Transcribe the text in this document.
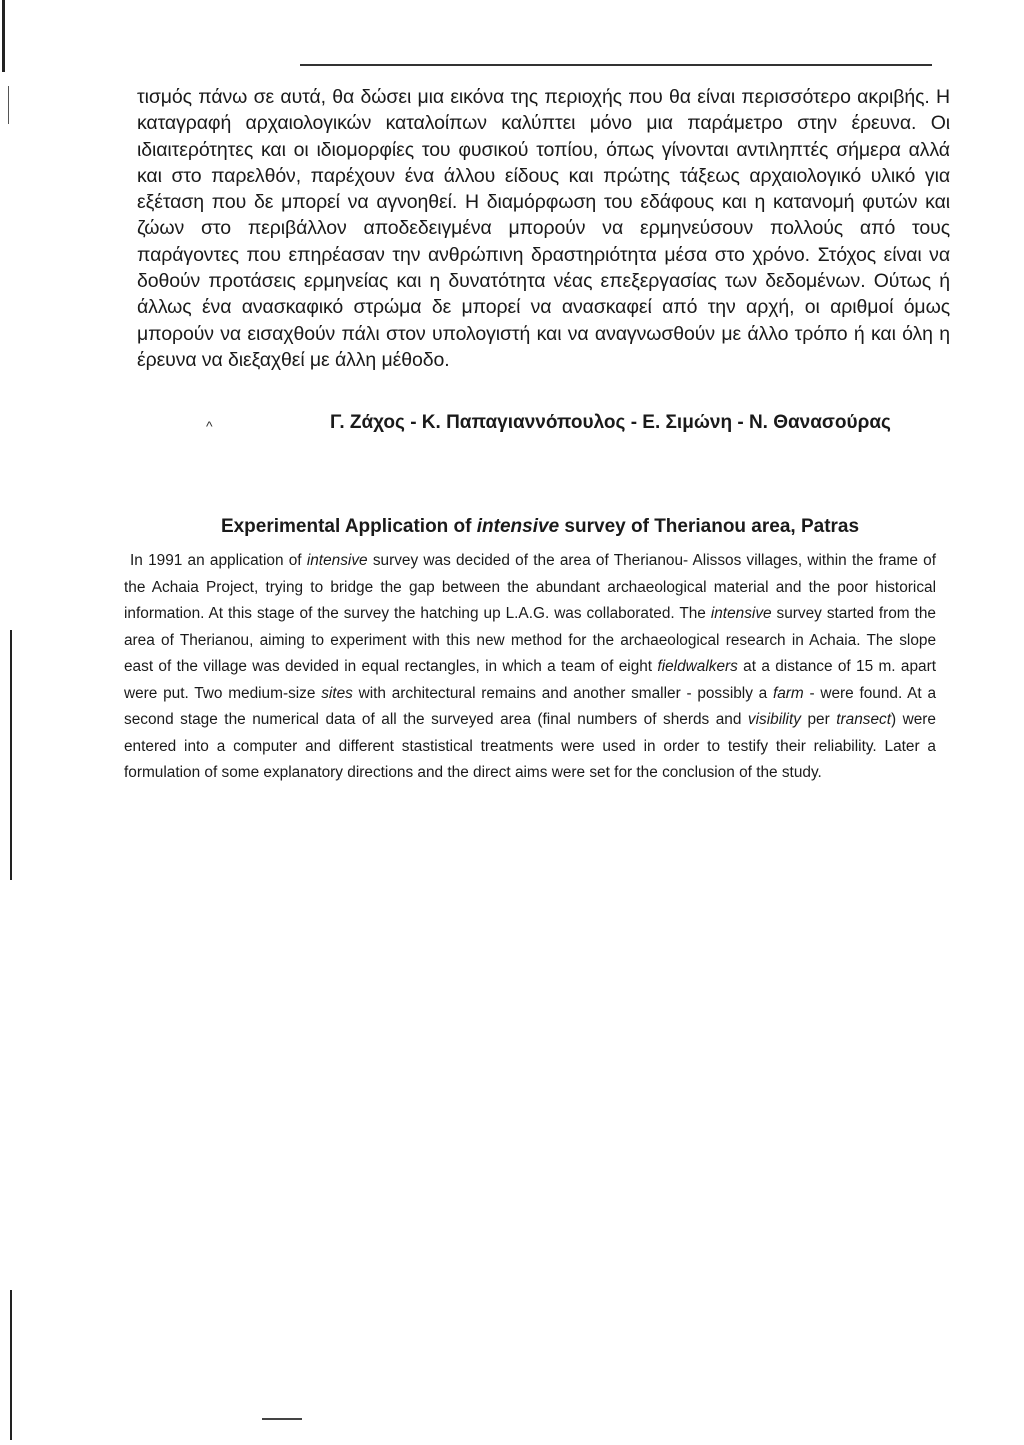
τισμός πάνω σε αυτά, θα δώσει μια εικόνα της περιοχής που θα είναι περισσότερο ακριβής. Η καταγραφή αρχαιολογικών καταλοίπων καλύπτει μόνο μια παράμετρο στην έρευνα. Οι ιδιαιτερότητες και οι ιδιομορφίες του φυσικού τοπίου, όπως γίνονται αντιληπτές σήμερα αλλά και στο παρελθόν, παρέχουν ένα άλλου είδους και πρώτης τάξεως αρχαιολογικό υλικό για εξέταση που δε μπορεί να αγνοηθεί. Η διαμόρφωση του εδάφους και η κατανομή φυτών και ζώων στο περιβάλλον αποδεδειγμένα μπορούν να ερμηνεύσουν πολλούς από τους παράγοντες που επηρέασαν την ανθρώπινη δραστηριότητα μέσα στο χρόνο. Στόχος είναι να δοθούν προτάσεις ερμηνείας και η δυνατότητα νέας επεξεργασίας των δεδομένων. Ούτως ή άλλως ένα ανασκαφικό στρώμα δε μπορεί να ανασκαφεί από την αρχή, οι αριθμοί όμως μπορούν να εισαχθούν πάλι στον υπολογιστή και να αναγνωσθούν με άλλο τρόπο ή και όλη η έρευνα να διεξαχθεί με άλλη μέθοδο.

^	Γ. Ζάχος - Κ. Παπαγιαννόπουλος - Ε. Σιμώνη - Ν. Θανασούρας
Experimental Application of intensive survey of Therianou area, Patras

In 1991 an application of intensive survey was decided of the area of Therianou- Alissos villages, within the frame of the Achaia Project, trying to bridge the gap between the abundant archaeological material and the poor historical information. At this stage of the survey the hatching up L.A.G. was collaborated. The intensive survey started from the area of Therianou, aiming to experiment with this new method for the archaeological research in Achaia. The slope east of the village was devided in equal rectangles, in which a team of eight fieldwalkers at a distance of 15 m. apart were put. Two medium-size sites with architectural remains and another smaller - possibly a farm - were found. At a second stage the numerical data of all the surveyed area (final numbers of sherds and visibility per transect) were entered into a computer and different stastistical treatments were used in order to testify their reliability. Later a formulation of some explanatory directions and the direct aims were set for the conclusion of the study.
